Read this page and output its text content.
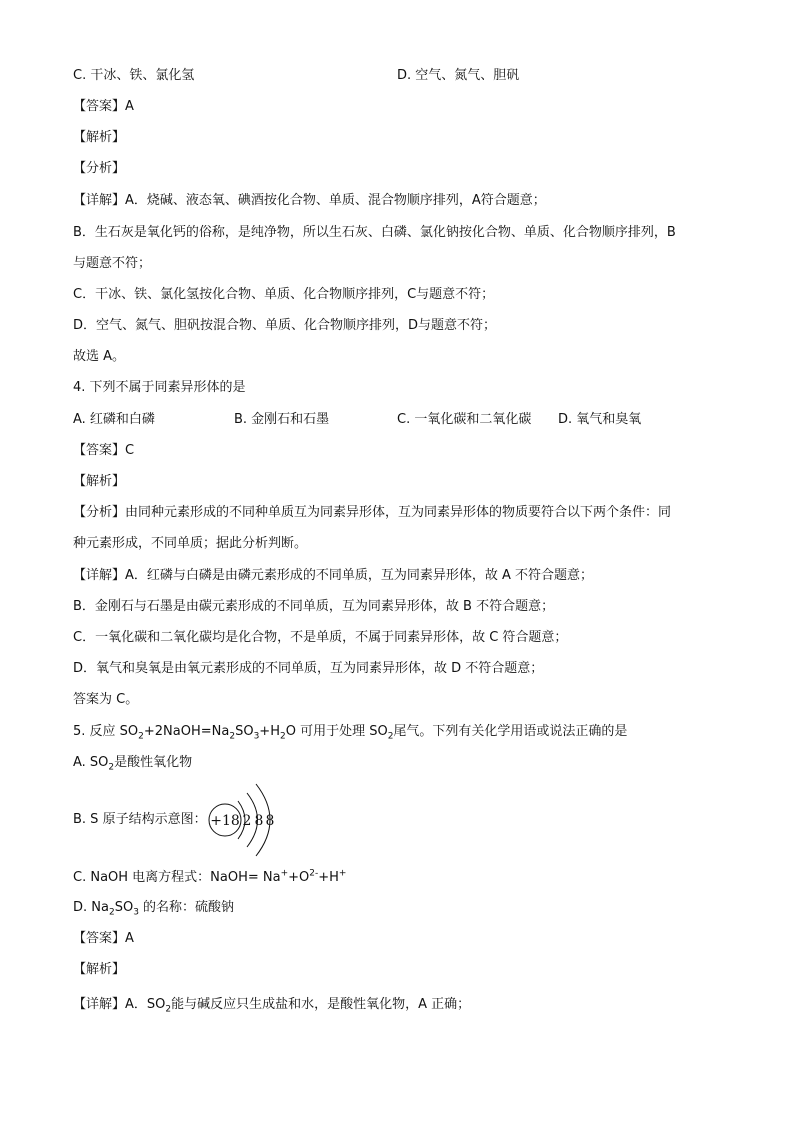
C. 干冰、铁、氯化氢	D. 空气、氮气、胆矾
【答案】A
【解析】
【分析】
【详解】A．烧碱、液态氧、碘酒按化合物、单质、混合物顺序排列，A符合题意；
B．生石灰是氧化钙的俗称，是纯净物，所以生石灰、白磷、氯化钠按化合物、单质、化合物顺序排列，B
与题意不符；
C．干冰、铁、氯化氢按化合物、单质、化合物顺序排列，C与题意不符；
D．空气、氮气、胆矾按混合物、单质、化合物顺序排列，D与题意不符；
故选 A。
4. 下列不属于同素异形体的是
A. 红磷和白磷	B. 金刚石和石墨	C. 一氧化碳和二氧化碳 D. 氧气和臭氧
【答案】C
【解析】
【分析】由同种元素形成的不同种单质互为同素异形体，互为同素异形体的物质要符合以下两个条件：同
种元素形成，不同单质；据此分析判断。
【详解】A．红磷与白磷是由磷元素形成的不同单质，互为同素异形体，故 A 不符合题意；
B．金刚石与石墨是由碳元素形成的不同单质，互为同素异形体，故 B 不符合题意；
C．一氧化碳和二氧化碳均是化合物，不是单质，不属于同素异形体，故 C 符合题意；
D．氧气和臭氧是由氧元素形成的不同单质，互为同素异形体，故 D 不符合题意；
答案为 C。
5. 反应 $SO_2+2NaOH=Na_2SO_3+H_2O$ 可用于处理 $SO_2$尾气。下列有关化学用语或说法正确的是
A. $SO_2$是酸性氧化物
B. S 原子结构示意图： +18 2 8 8
C. NaOH 电离方程式：NaOH= $Na^++O^{2-}+H^+$
D. $Na_2SO_3$ 的名称：硫酸钠
【答案】A
【解析】
【详解】A．$SO_2$能与碱反应只生成盐和水，是酸性氧化物，A 正确；
